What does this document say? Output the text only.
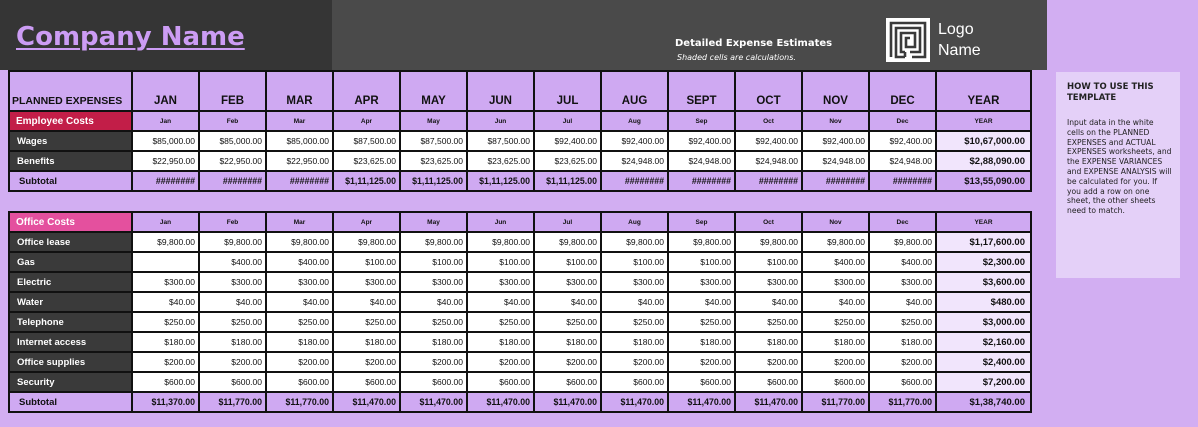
Company Name	Detailed Expense Estimates
Shaded cells are calculations.
Logo
Name
HOW TO USE THIS TEMPLATE
Input data in the white cells on the PLANNED EXPENSES and ACTUAL EXPENSES worksheets, and the EXPENSE VARIANCES and EXPENSE ANALYSIS will be calculated for you. If you add a row on one sheet, the other sheets need to match.
PLANNED EXPENSES	JAN	FEB	MAR	APR	MAY	JUN	JUL	AUG	SEPT	OCT	NOV	DEC	YEAR
Employee Costs	Jan	Feb	Mar	Apr	May	Jun	Jul	Aug	Sep	Oct	Nov	Dec	YEAR
Wages	$85,000.00	$85,000.00	$85,000.00	$87,500.00	$87,500.00	$87,500.00	$92,400.00	$92,400.00	$92,400.00	$92,400.00	$92,400.00	$92,400.00	$10,67,000.00
Benefits	$22,950.00	$22,950.00	$22,950.00	$23,625.00	$23,625.00	$23,625.00	$23,625.00	$24,948.00	$24,948.00	$24,948.00	$24,948.00	$24,948.00	$2,88,090.00
Subtotal	########	########	########	$1,11,125.00	$1,11,125.00	$1,11,125.00	$1,11,125.00	########	########	########	########	########	$13,55,090.00
Office Costs	Jan	Feb	Mar	Apr	May	Jun	Jul	Aug	Sep	Oct	Nov	Dec	YEAR
Office lease	$9,800.00	$9,800.00	$9,800.00	$9,800.00	$9,800.00	$9,800.00	$9,800.00	$9,800.00	$9,800.00	$9,800.00	$9,800.00	$9,800.00	$1,17,600.00
Gas		$400.00	$400.00	$100.00	$100.00	$100.00	$100.00	$100.00	$100.00	$100.00	$400.00	$400.00	$2,300.00
Electric	$300.00	$300.00	$300.00	$300.00	$300.00	$300.00	$300.00	$300.00	$300.00	$300.00	$300.00	$300.00	$3,600.00
Water	$40.00	$40.00	$40.00	$40.00	$40.00	$40.00	$40.00	$40.00	$40.00	$40.00	$40.00	$40.00	$480.00
Telephone	$250.00	$250.00	$250.00	$250.00	$250.00	$250.00	$250.00	$250.00	$250.00	$250.00	$250.00	$250.00	$3,000.00
Internet access	$180.00	$180.00	$180.00	$180.00	$180.00	$180.00	$180.00	$180.00	$180.00	$180.00	$180.00	$180.00	$2,160.00
Office supplies	$200.00	$200.00	$200.00	$200.00	$200.00	$200.00	$200.00	$200.00	$200.00	$200.00	$200.00	$200.00	$2,400.00
Security	$600.00	$600.00	$600.00	$600.00	$600.00	$600.00	$600.00	$600.00	$600.00	$600.00	$600.00	$600.00	$7,200.00
Subtotal	$11,370.00	$11,770.00	$11,770.00	$11,470.00	$11,470.00	$11,470.00	$11,470.00	$11,470.00	$11,470.00	$11,470.00	$11,770.00	$11,770.00	$1,38,740.00
